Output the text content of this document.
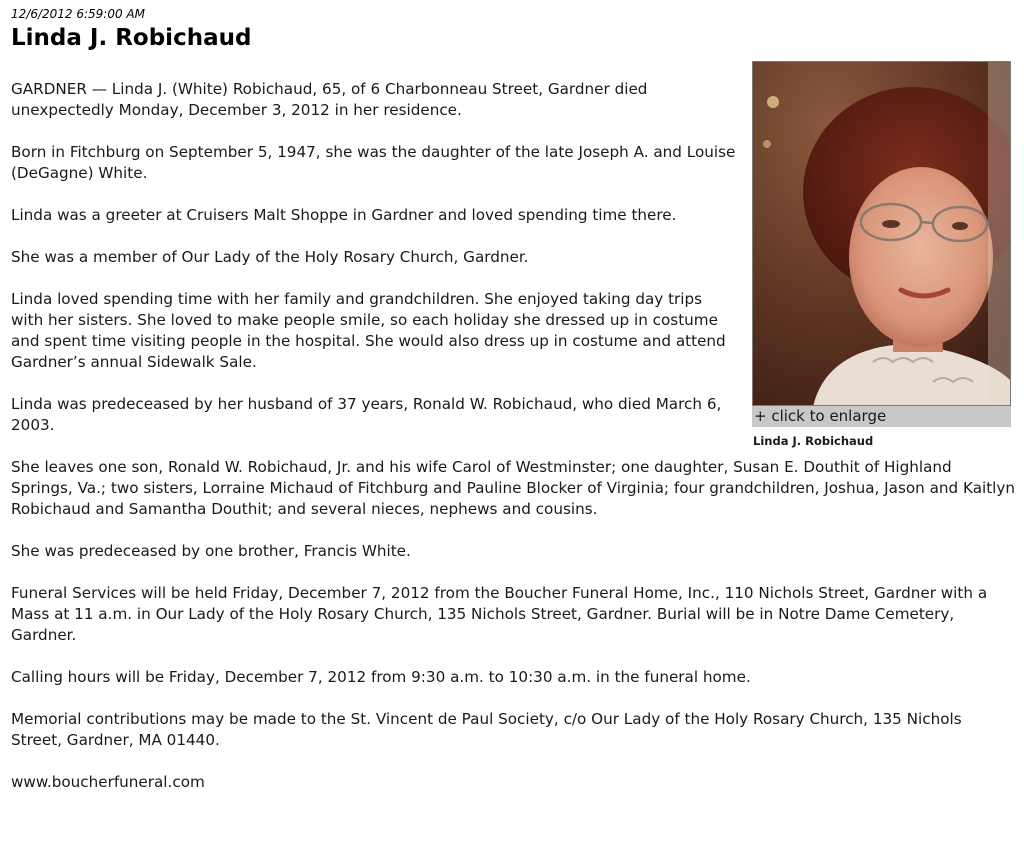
12/6/2012 6:59:00 AM
Linda J. Robichaud
+ click to enlarge
Linda J. Robichaud

GARDNER — Linda J. (White) Robichaud, 65, of 6 Charbonneau Street, Gardner died unexpectedly Monday, December 3, 2012 in her residence.

Born in Fitchburg on September 5, 1947, she was the daughter of the late Joseph A. and Louise (DeGagne) White.

Linda was a greeter at Cruisers Malt Shoppe in Gardner and loved spending time there.

She was a member of Our Lady of the Holy Rosary Church, Gardner.

Linda loved spending time with her family and grandchildren. She enjoyed taking day trips with her sisters. She loved to make people smile, so each holiday she dressed up in costume and spent time visiting people in the hospital. She would also dress up in costume and attend Gardner’s annual Sidewalk Sale.

Linda was predeceased by her husband of 37 years, Ronald W. Robichaud, who died March 6, 2003.

She leaves one son, Ronald W. Robichaud, Jr. and his wife Carol of Westminster; one daughter, Susan E. Douthit of Highland Springs, Va.; two sisters, Lorraine Michaud of Fitchburg and Pauline Blocker of Virginia; four grandchildren, Joshua, Jason and Kaitlyn Robichaud and Samantha Douthit; and several nieces, nephews and cousins.

She was predeceased by one brother, Francis White.

Funeral Services will be held Friday, December 7, 2012 from the Boucher Funeral Home, Inc., 110 Nichols Street, Gardner with a Mass at 11 a.m. in Our Lady of the Holy Rosary Church, 135 Nichols Street, Gardner. Burial will be in Notre Dame Cemetery, Gardner.

Calling hours will be Friday, December 7, 2012 from 9:30 a.m. to 10:30 a.m. in the funeral home.

Memorial contributions may be made to the St. Vincent de Paul Society, c/o Our Lady of the Holy Rosary Church, 135 Nichols Street, Gardner, MA 01440.

www.boucherfuneral.com
